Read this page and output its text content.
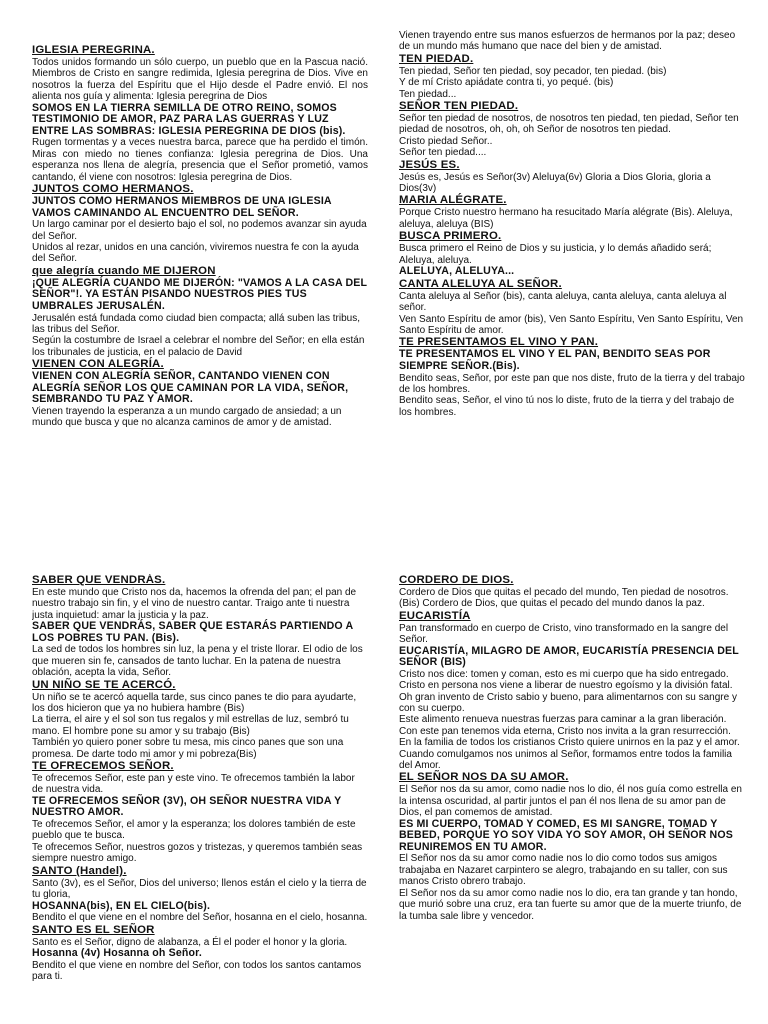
IGLESIA PEREGRINA.

Todos unidos formando un sólo cuerpo, un pueblo que en la Pascua nació. Miembros de Cristo en sangre redimida, Iglesia peregrina de Dios. Vive en nosotros la fuerza del Espíritu que el Hijo desde el Padre envió. El nos alienta nos guía y alimenta: Iglesia peregrina de Dios

SOMOS EN LA TIERRA SEMILLA DE OTRO REINO, SOMOS TESTIMONIO DE AMOR, PAZ PARA LAS GUERRAS Y LUZ ENTRE LAS SOMBRAS: IGLESIA PEREGRINA DE DIOS (bis).

Rugen tormentas y a veces nuestra barca, parece que ha perdido el timón. Miras con miedo no tienes confianza: Iglesia peregrina de Dios. Una esperanza nos llena de alegría, presencia que el Señor prometió, vamos cantando, él viene con nosotros: Iglesia peregrina de Dios.

JUNTOS COMO HERMANOS.
JUNTOS COMO HERMANOS MIEMBROS DE UNA IGLESIA VAMOS CAMINANDO AL ENCUENTRO DEL SEÑOR.

Un largo caminar por el desierto bajo el sol, no podemos avanzar sin ayuda del Señor.

Unidos al rezar, unidos en una canción, viviremos nuestra fe con la ayuda del Señor.

que alegría cuando ME DIJERON
¡QUE ALEGRÍA CUANDO ME DIJERÓN: "VAMOS A LA CASA DEL SEÑOR"!. YA ESTÁN PISANDO NUESTROS PIES TUS UMBRALES JERUSALÉN.

Jerusalén está fundada como ciudad bien compacta; allá suben las tribus, las tribus del Señor.

Según la costumbre de Israel a celebrar el nombre del Señor; en ella están los tribunales de justicia, en el palacio de David

VIENEN CON ALEGRÍA.
VIENEN CON ALEGRÍA SEÑOR, CANTANDO VIENEN CON ALEGRÍA SEÑOR LOS QUE CAMINAN POR LA VIDA, SEÑOR, SEMBRANDO TU PAZ Y AMOR.

Vienen trayendo la esperanza a un mundo cargado de ansiedad; a un mundo que busca y que no alcanza caminos de amor y de amistad.

Vienen trayendo entre sus manos esfuerzos de hermanos por la paz; deseo de un mundo más humano que nace del bien y de amistad.

TEN PIEDAD.

Ten piedad, Señor ten piedad, soy pecador, ten piedad. (bis)

Y de mí Cristo apiádate contra ti, yo pequé. (bis)

Ten piedad...

SEÑOR TEN PIEDAD.

Señor ten piedad de nosotros, de nosotros ten piedad, ten piedad, Señor ten piedad de nosotros, oh, oh, oh Señor de nosotros ten piedad.

Cristo piedad Señor..

Señor ten piedad....

JESÚS ES.

Jesús es, Jesús es Señor(3v) Aleluya(6v) Gloria a Dios Gloria, gloria a Dios(3v)

MARIA ALÉGRATE.

Porque Cristo nuestro hermano ha resucitado María alégrate (Bis). Aleluya, aleluya, aleluya (BIS)

BUSCA PRIMERO.

Busca primero el Reino de Dios y su justicia, y lo demás añadido será; Aleluya, aleluya.

ALELUYA, ALELUYA...
CANTA ALELUYA AL SEÑOR.

Canta aleluya al Señor (bis), canta aleluya, canta aleluya, canta aleluya al señor.

Ven Santo Espíritu de amor (bis), Ven Santo Espíritu, Ven Santo Espíritu, Ven Santo Espíritu de amor.

TE PRESENTAMOS EL VINO Y PAN.
TE PRESENTAMOS EL VINO Y EL PAN, BENDITO SEAS POR SIEMPRE SEÑOR.(Bis).

Bendito seas, Señor, por este pan que nos diste, fruto de la tierra y del trabajo de los hombres.

Bendito seas, Señor, el vino tú nos lo diste, fruto de la tierra y del trabajo de los hombres.

SABER QUE VENDRÁS.

En este mundo que Cristo nos da, hacemos la ofrenda del pan; el pan de nuestro trabajo sin fin, y el vino de nuestro cantar. Traigo ante ti nuestra justa inquietud: amar la justicia y la paz.

SABER QUE VENDRÁS, SABER QUE ESTARÁS PARTIENDO A LOS POBRES TU PAN. (Bis).

La sed de todos los hombres sin luz, la pena y el triste llorar. El odio de los que mueren sin fe, cansados de tanto luchar. En la patena de nuestra oblación, acepta la vida, Señor.

UN NIÑO SE TE ACERCÓ.

Un niño se te acercó aquella tarde, sus cinco panes te dio para ayudarte, los dos hicieron que ya no hubiera hambre (Bis)

La tierra, el aire y el sol son tus regalos y mil estrellas de luz, sembró tu mano. El hombre pone su amor y su trabajo (Bis)

También yo quiero poner sobre tu mesa, mis cinco panes que son una promesa. De darte todo mi amor y mi pobreza(Bis)

TE OFRECEMOS SEÑOR.

Te ofrecemos Señor, este pan y este vino. Te ofrecemos también la labor de nuestra vida.

TE OFRECEMOS SEÑOR (3V), OH SEÑOR NUESTRA VIDA Y NUESTRO AMOR.

Te ofrecemos Señor, el amor y la esperanza; los dolores también de este pueblo que te busca.

Te ofrecemos Señor, nuestros gozos y tristezas, y queremos también seas siempre nuestro amigo.

SANTO (Handel).

Santo (3v), es el Señor, Dios del universo; llenos están el cielo y la tierra de tu gloria,

HOSANNA(bis), EN EL CIELO(bis).

Bendito el que viene en el nombre del Señor, hosanna en el cielo, hosanna.

SANTO ES EL SEÑOR

Santo es el Señor, digno de alabanza, a Él el poder el honor y la gloria.

Hosanna (4v) Hosanna oh Señor.

Bendito el que viene en nombre del Señor, con todos los santos cantamos para ti.

CORDERO DE DIOS.

Cordero de Dios que quitas el pecado del mundo, Ten piedad de nosotros.(Bis) Cordero de Dios, que quitas el pecado del mundo danos la paz.

EUCARISTÍA

Pan transformado en cuerpo de Cristo, vino transformado en la sangre del Señor.

EUCARISTÍA, MILAGRO DE AMOR, EUCARISTÍA PRESENCIA DEL SEÑOR (BIS)

Cristo nos dice: tomen y coman, esto es mi cuerpo que ha sido entregado.

Cristo en persona nos viene a liberar de nuestro egoísmo y la división fatal.

Oh gran invento de Cristo sabio y bueno, para alimentarnos con su sangre y con su cuerpo.

Este alimento renueva nuestras fuerzas para caminar a la gran liberación.

Con este pan tenemos vida eterna, Cristo nos invita a la gran resurrección.

En la familia de todos los cristianos Cristo quiere unirnos en la paz y el amor.

Cuando comulgamos nos unimos al Señor, formamos entre todos la familia del Amor.

EL SEÑOR NOS DA SU AMOR.

El Señor nos da su amor, como nadie nos lo dio, él nos guía como estrella en la intensa oscuridad, al partir juntos el pan él nos llena de su amor pan de Dios, el pan comemos de amistad.

ES MI CUERPO, TOMAD Y COMED, ES MI SANGRE, TOMAD Y BEBED, PORQUE YO SOY VIDA YO SOY AMOR, OH SEÑOR NOS REUNIREMOS EN TU AMOR.

El Señor nos da su amor como nadie nos lo dio como todos sus amigos trabajaba en Nazaret carpintero se alegro, trabajando en su taller, con sus manos Cristo obrero trabajo.

El Señor nos da su amor como nadie nos lo dio, era tan grande y tan hondo, que murió sobre una cruz, era tan fuerte su amor que de la muerte triunfo, de la tumba sale libre y vencedor.
